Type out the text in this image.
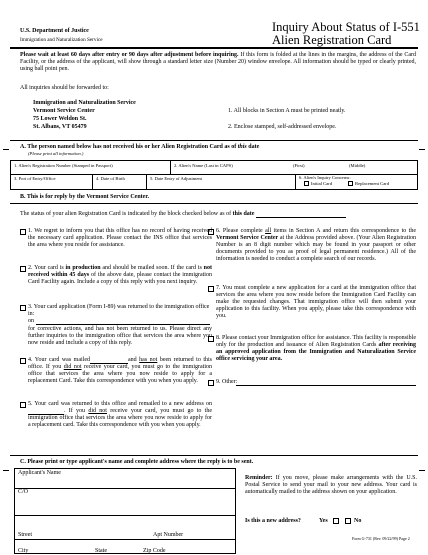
U.S. Department of Justice
Immigration and Naturalization Service
Inquiry About Status of I-551
Alien Registration Card
Please wait at least 60 days after entry or 90 days after adjustment before inquiring. If this form is folded at the lines in the margins, the address of the Card Facility, or the address of the applicant, will show through a standard letter size (Number 20) window envelope. All information should be typed or clearly printed, using ball point pen.
All inquiries should be forwarded to:
Immigration and Naturalization Service
Vermont Service Center
75 Lower Weldon St.
St. Albans, VT 05479
1. All blocks in Section A must be printed neatly.
2. Enclose stamped, self-addressed envelope.
A. The person named below has not received his or her Alien Registration Card as of this date
(Please print all information.)
1. Alien's Registration Number (Stamped in Passport)	2. Alien's Name (Last in CAPS)	(First)	(Middle)
3. Port of Entry/Office	4. Date of Birth	5. Date Entry of Adjustment	6. Alien's Inquiry Concerns:
Initial Card	Replacement Card
B. This is for reply by the Vermont Service Center.
The status of your alien Registration Card is indicated by the block checked below as of this date
1. We regret to inform you that this office has no record of having received the necessary card application. Please contact the INS office that services the area where you reside for assistance.
2. Your card is in production and should be mailed soon. If the card is not received within 45 days of the above date, please contact the immigration Card Facility again. Include a copy of this reply with you next inquiry.
3. Your card application (Form I-89) was returned to the immigration office in:
on
for corrective actions, and has not been returned to us. Please direct any further inquiries to the immigration office that services the area where you now reside and include a copy of this reply.
4. Your card was mailed	and has not been returned to this office. If you did not receive your card, you must go to the immigration office that services the area where you now reside to apply for a replacement Card. Take this correspondence with you when you apply.
5. Your card was returned to this office and remailed to a new address on. If you did not receive your card, you must go to the immigration office that services the area where you now reside to apply for a replacement card. Take this correspondence with you when you apply.
6. Please complete all items in Section A and return this correspondence to the Vermont Service Center at the Address provided above. (Your Alien Registration Number is an 8 digit number which may be found in your passport or other documents provided to you as proof of legal permanent residence.) All of the information is needed to conduct a complete search of our records.
7. You must complete a new application for a card at the immigration office that services the area where you now reside before the Immigration Card Facility can make the requested changes. That immigration office will then submit your application to this facility. When you apply, please take this correspondence with you.
8. Please contact your Immigration office for assistance. This facility is responsible only for the production and issuance of Alien Registration Cards after receiving an approved application from the Immigration and Naturalization Service office servicing your area.
9. Other:
C. Please print or type applicant's name and complete address where the reply is to be sent.
Applicant's Name
C/O
Street	Apt Number
City	State	Zip Code
Reminder: If you move, please make arrangements with the U.S. Postal Service to send your mail to your new address. Your card is automatically mailed to the address shown on your application.
Is this a new address?	Yes	No
Form G-731 (Rev. 09/22/99) Page 2
